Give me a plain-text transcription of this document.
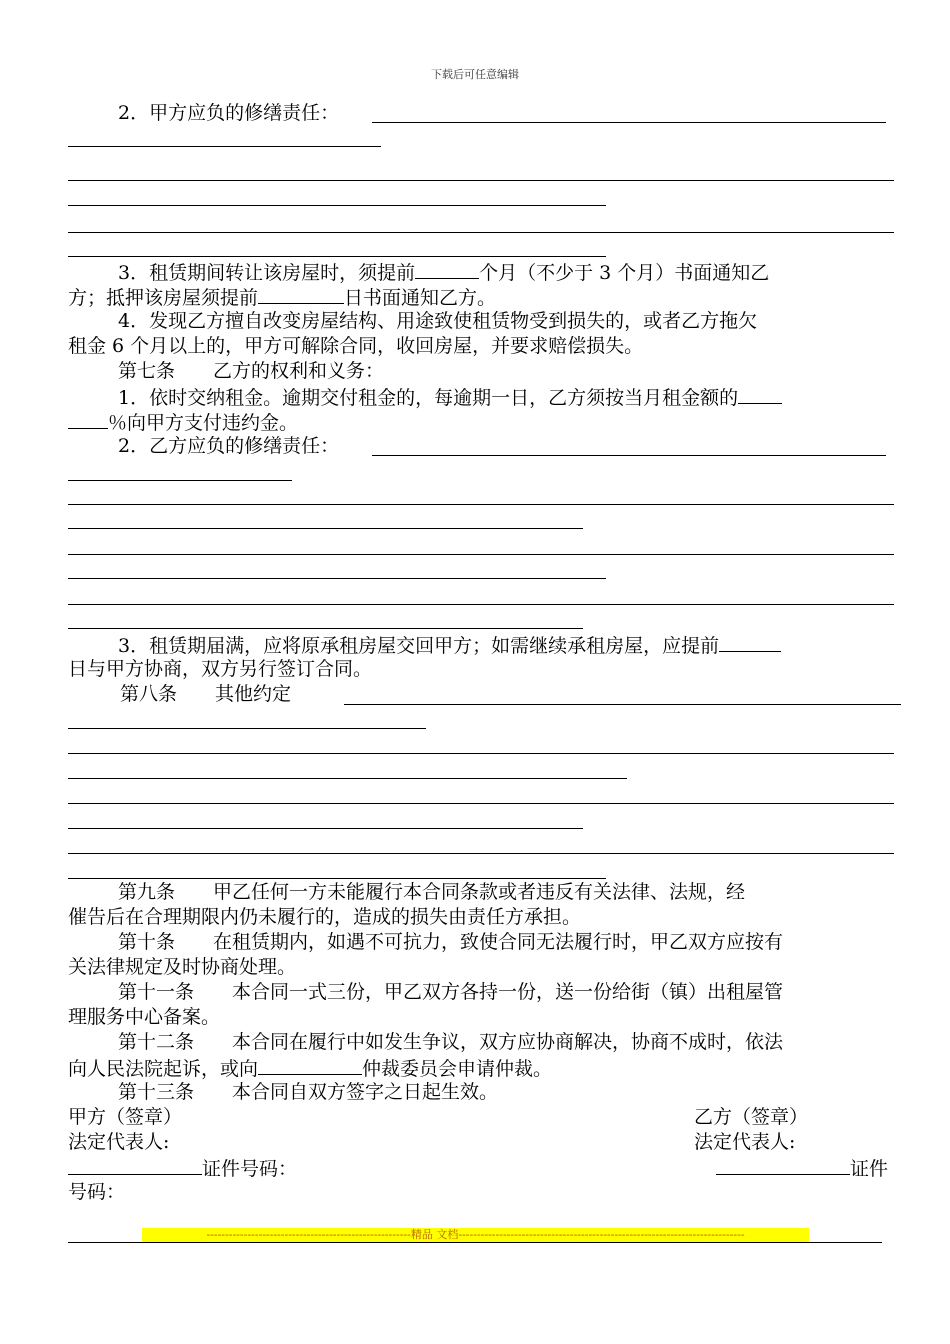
下载后可任意编辑
2．甲方应负的修缮责任：
3．租赁期间转让该房屋时，须提前	个月（不少于 3 个月）书面通知乙
方；抵押该房屋须提前	日书面通知乙方。
4．发现乙方擅自改变房屋结构、用途致使租赁物受到损失的，或者乙方拖欠
租金 6 个月以上的，甲方可解除合同，收回房屋，并要求赔偿损失。
第七条　　乙方的权利和义务：
1．依时交纳租金。逾期交付租金的，每逾期一日，乙方须按当月租金额的
％向甲方支付违约金。
2．乙方应负的修缮责任：
3．租赁期届满，应将原承租房屋交回甲方；如需继续承租房屋，应提前
日与甲方协商，双方另行签订合同。
第八条　　其他约定
第九条　　甲乙任何一方未能履行本合同条款或者违反有关法律、法规，经
催告后在合理期限内仍未履行的，造成的损失由责任方承担。
第十条　　在租赁期内，如遇不可抗力，致使合同无法履行时，甲乙双方应按有
关法律规定及时协商处理。
第十一条　　本合同一式三份，甲乙双方各持一份，送一份给街（镇）出租屋管
理服务中心备案。
第十二条　　本合同在履行中如发生争议，双方应协商解决，协商不成时，依法
向人民法院起诉，或向	仲裁委员会申请仲裁。
第十三条　　本合同自双方签字之日起生效。
甲方（签章）	乙方（签章）
法定代表人:	法定代表人:
证件号码：	证件
号码：
-------------------------------------------------------精品 文档-----------------------------------------------------------------------------
